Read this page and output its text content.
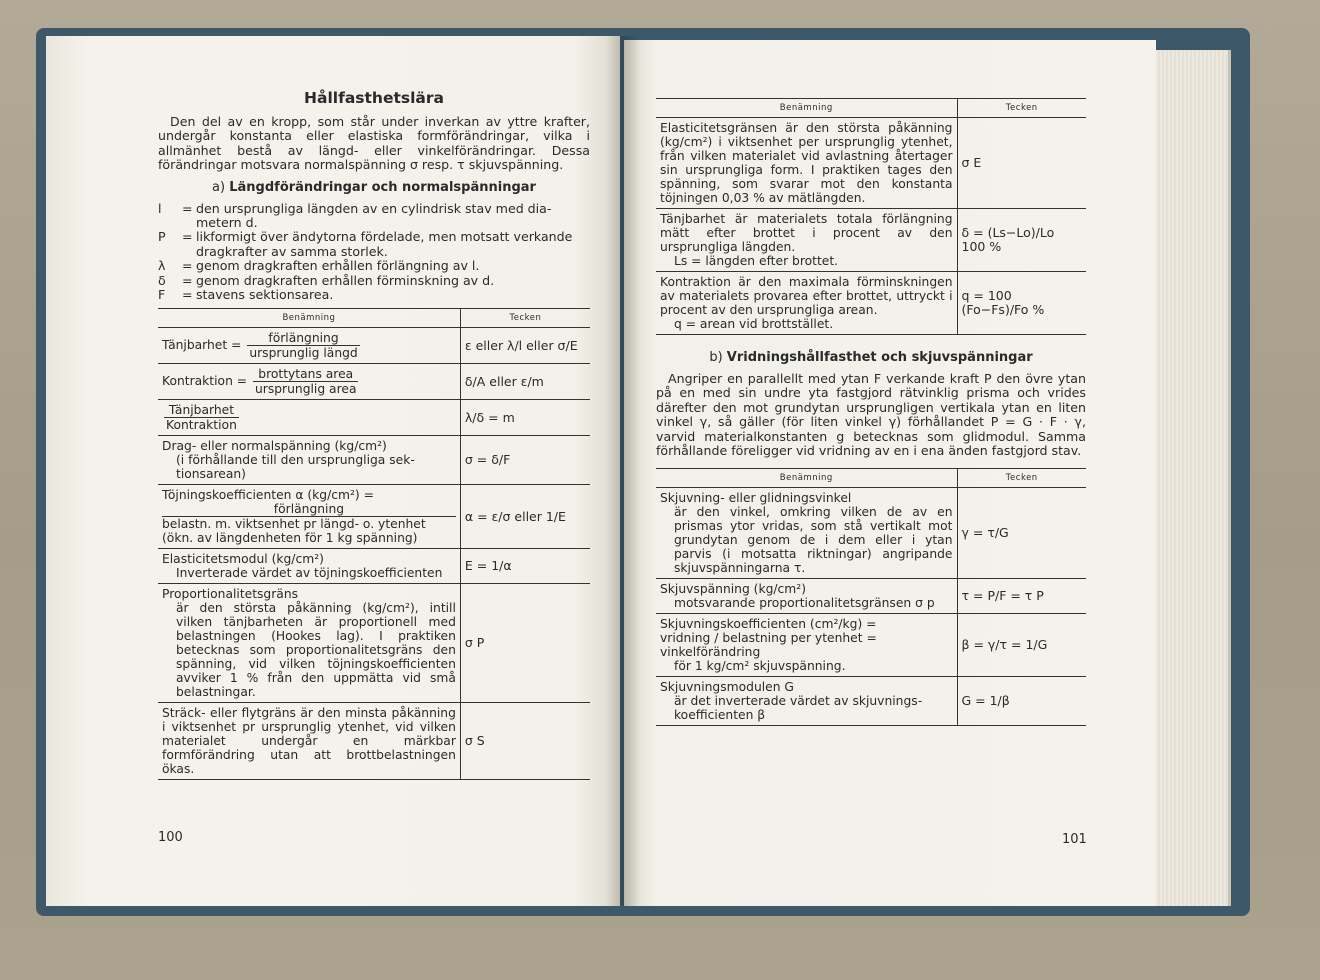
Hållfasthetslära

Den del av en kropp, som står under inverkan av yttre krafter, undergår konstanta eller elastiska formförändringar, vilka i allmänhet bestå av längd- eller vinkelförändringar. Dessa förändringar motsvara normalspänning σ resp. τ skjuvspänning.

a) Längdförändringar och normalspänningar
l	= den ursprungliga längden av en cylindrisk stav med diametern d.
P	= likformigt över ändytorna fördelade, men motsatt verkande dragkrafter av samma storlek.
λ	= genom dragkraften erhållen förlängning av l.
δ	= genom dragkraften erhållen förminskning av d.
F	= stavens sektionsarea.
Benämning	Tecken
Tänjbarhet = $\frac{\text{förlängning}}{\text{ursprunglig längd}}$	ε eller λ/l eller σ/E
Kontraktion = $\frac{\text{brottytans area}}{\text{ursprunglig area}}$	δ/A eller ε/m

$\frac{\text{Tänjbarhet}}{\text{Kontraktion}}$	λ/δ = m

Drag- eller normalspänning (kg/cm²)
(i förhållande till den ursprungliga sektionsarean)	σ = δ/F

Töjningskoefficienten α (kg/cm²) =
förlängning
belastn. m. viktsenhet pr längd- o. ytenhet
(ökn. av längdenheten för 1 kg spänning)	α = ε/σ eller 1/E

Elasticitetsmodul (kg/cm²)
Inverterade värdet av töjningskoefficienten	E = 1/α

Proportionalitetsgräns
är den största påkänning (kg/cm²), intill vilken tänjbarheten är proportionell med belastningen (Hookes lag). I praktiken betecknas som proportionalitetsgräns den spänning, vid vilken töjningskoefficienten avviker 1 % från den uppmätta vid små belastningar.	σ P

Sträck- eller flytgräns är den minsta påkänning i viktsenhet pr ursprunglig ytenhet, vid vilken materialet undergår en märkbar formförändring utan att brottbelastningen ökas.	σ S
100
Benämning	Tecken
Elasticitetsgränsen är den största påkänning (kg/cm²) i viktsenhet per ursprunglig ytenhet, från vilken materialet vid avlastning återtager sin ursprungliga form. I praktiken tages den spänning, som svarar mot den konstanta töjningen 0,03 % av mätlängden.	σ E

Tänjbarhet är materialets totala förlängning mätt efter brottet i procent av den ursprungliga längden.
Ls = längden efter brottet.	δ = (Ls−Lo)/Lo 100 %

Kontraktion är den maximala förminskningen av materialets provarea efter brottet, uttryckt i procent av den ursprungliga arean.
q = arean vid brottstället.	q = 100 (Fo−Fs)/Fo %
b) Vridningshållfasthet och skjuvspänningar

Angriper en parallellt med ytan F verkande kraft P den övre ytan på en med sin undre yta fastgjord rätvinklig prisma och vrides därefter den mot grundytan ursprungligen vertikala ytan en liten vinkel γ, så gäller (för liten vinkel γ) förhållandet P = G · F · γ, varvid materialkonstanten g betecknas som glidmodul. Samma förhållande föreligger vid vridning av en i ena änden fastgjord stav.

Benämning	Tecken

Skjuvning- eller glidningsvinkel
är den vinkel, omkring vilken de av en prismas ytor vridas, som stå vertikalt mot grundytan genom de i dem eller i ytan parvis (i motsatta riktningar) angripande skjuvspänningarna τ.	γ = τ/G

Skjuvspänning (kg/cm²)
motsvarande proportionalitetsgränsen σ p	τ = P/F = τ P

Skjuvningskoefficienten (cm²/kg) =
vridning / belastning per ytenhet = vinkelförändring
för 1 kg/cm² skjuvspänning.	β = γ/τ = 1/G

Skjuvningsmodulen G
är det inverterade värdet av skjuvningskoefficienten β	G = 1/β
101
